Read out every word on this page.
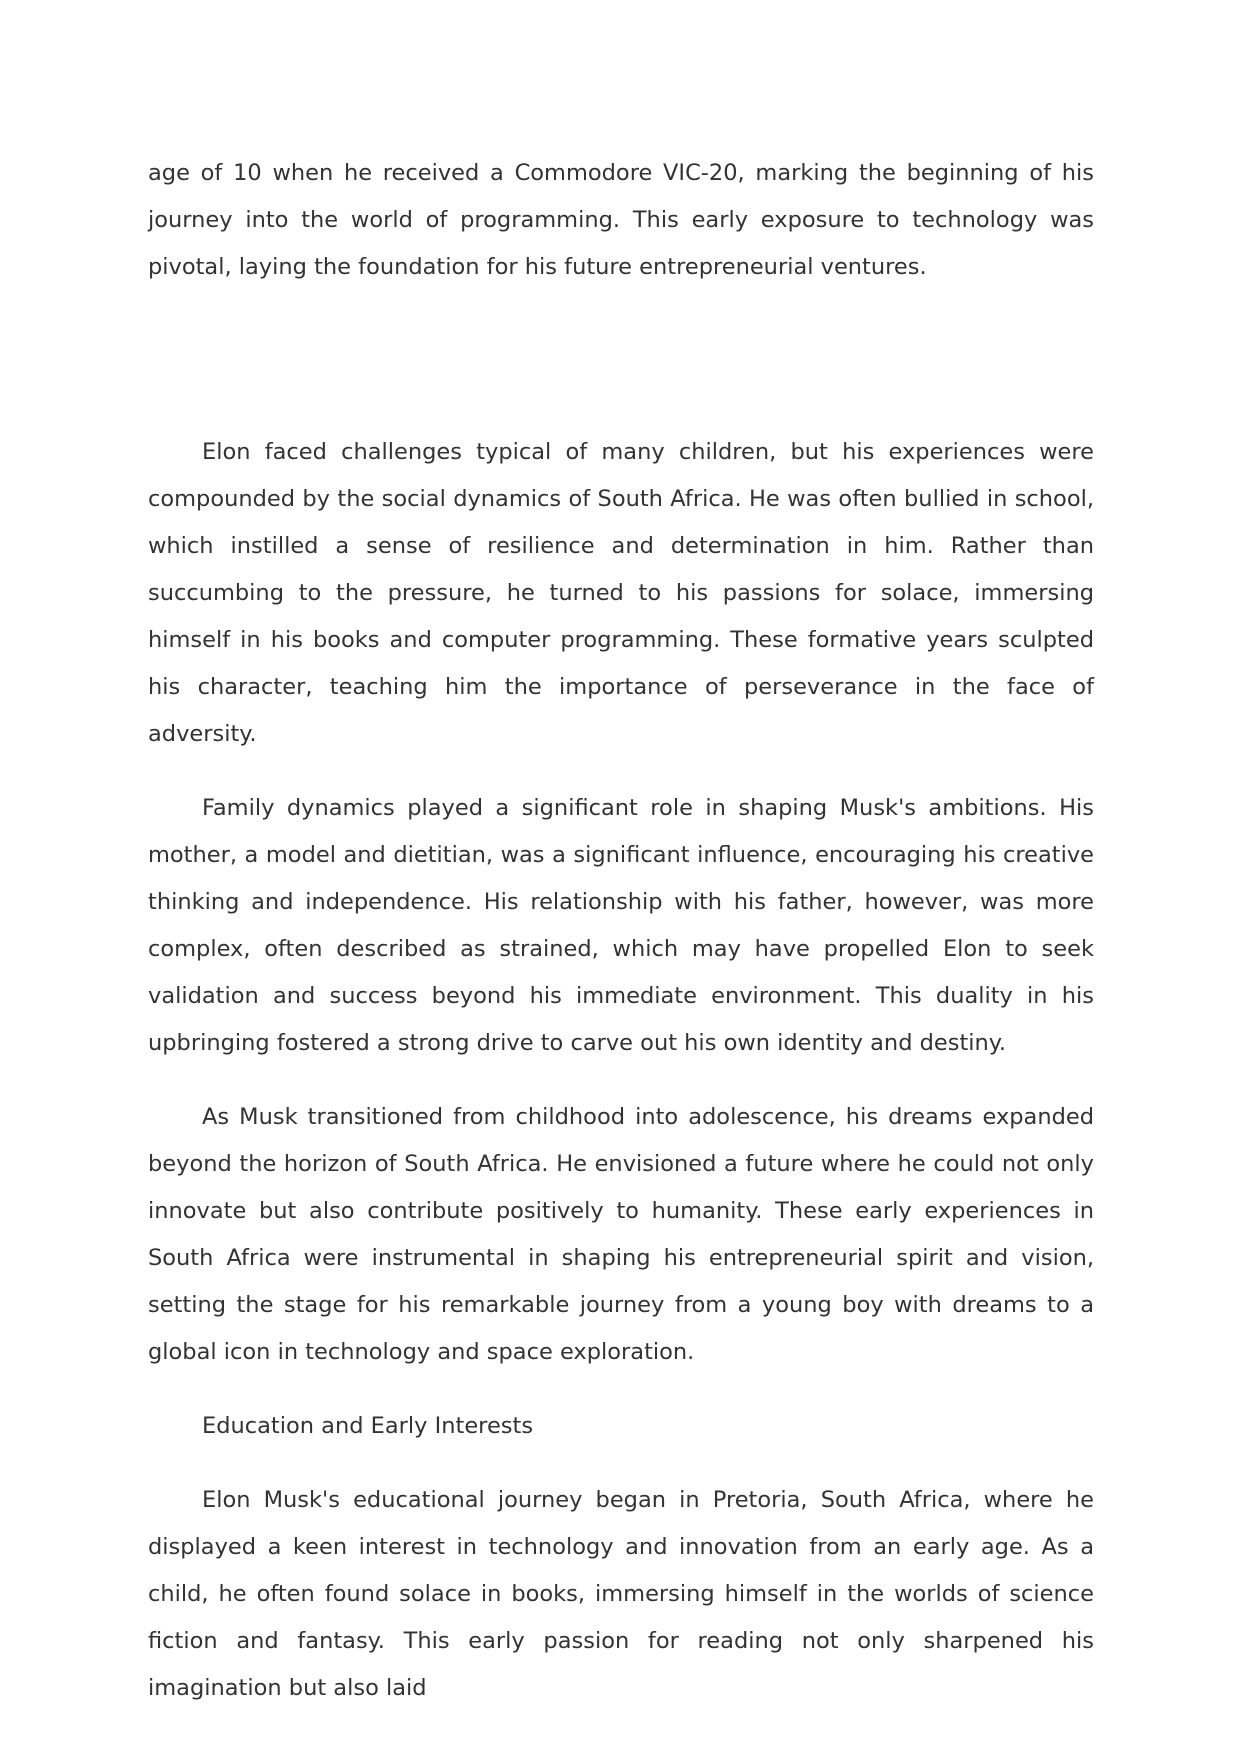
age of 10 when he received a Commodore VIC-20, marking the beginning of his journey into the world of programming. This early exposure to technology was pivotal, laying the foundation for his future entrepreneurial ventures.

Elon faced challenges typical of many children, but his experiences were compounded by the social dynamics of South Africa. He was often bullied in school, which instilled a sense of resilience and determination in him. Rather than succumbing to the pressure, he turned to his passions for solace, immersing himself in his books and computer programming. These formative years sculpted his character, teaching him the importance of perseverance in the face of adversity.

Family dynamics played a significant role in shaping Musk's ambitions. His mother, a model and dietitian, was a significant influence, encouraging his creative thinking and independence. His relationship with his father, however, was more complex, often described as strained, which may have propelled Elon to seek validation and success beyond his immediate environment. This duality in his upbringing fostered a strong drive to carve out his own identity and destiny.

As Musk transitioned from childhood into adolescence, his dreams expanded beyond the horizon of South Africa. He envisioned a future where he could not only innovate but also contribute positively to humanity. These early experiences in South Africa were instrumental in shaping his entrepreneurial spirit and vision, setting the stage for his remarkable journey from a young boy with dreams to a global icon in technology and space exploration.

Education and Early Interests

Elon Musk's educational journey began in Pretoria, South Africa, where he displayed a keen interest in technology and innovation from an early age. As a child, he often found solace in books, immersing himself in the worlds of science fiction and fantasy. This early passion for reading not only sharpened his imagination but also laid
